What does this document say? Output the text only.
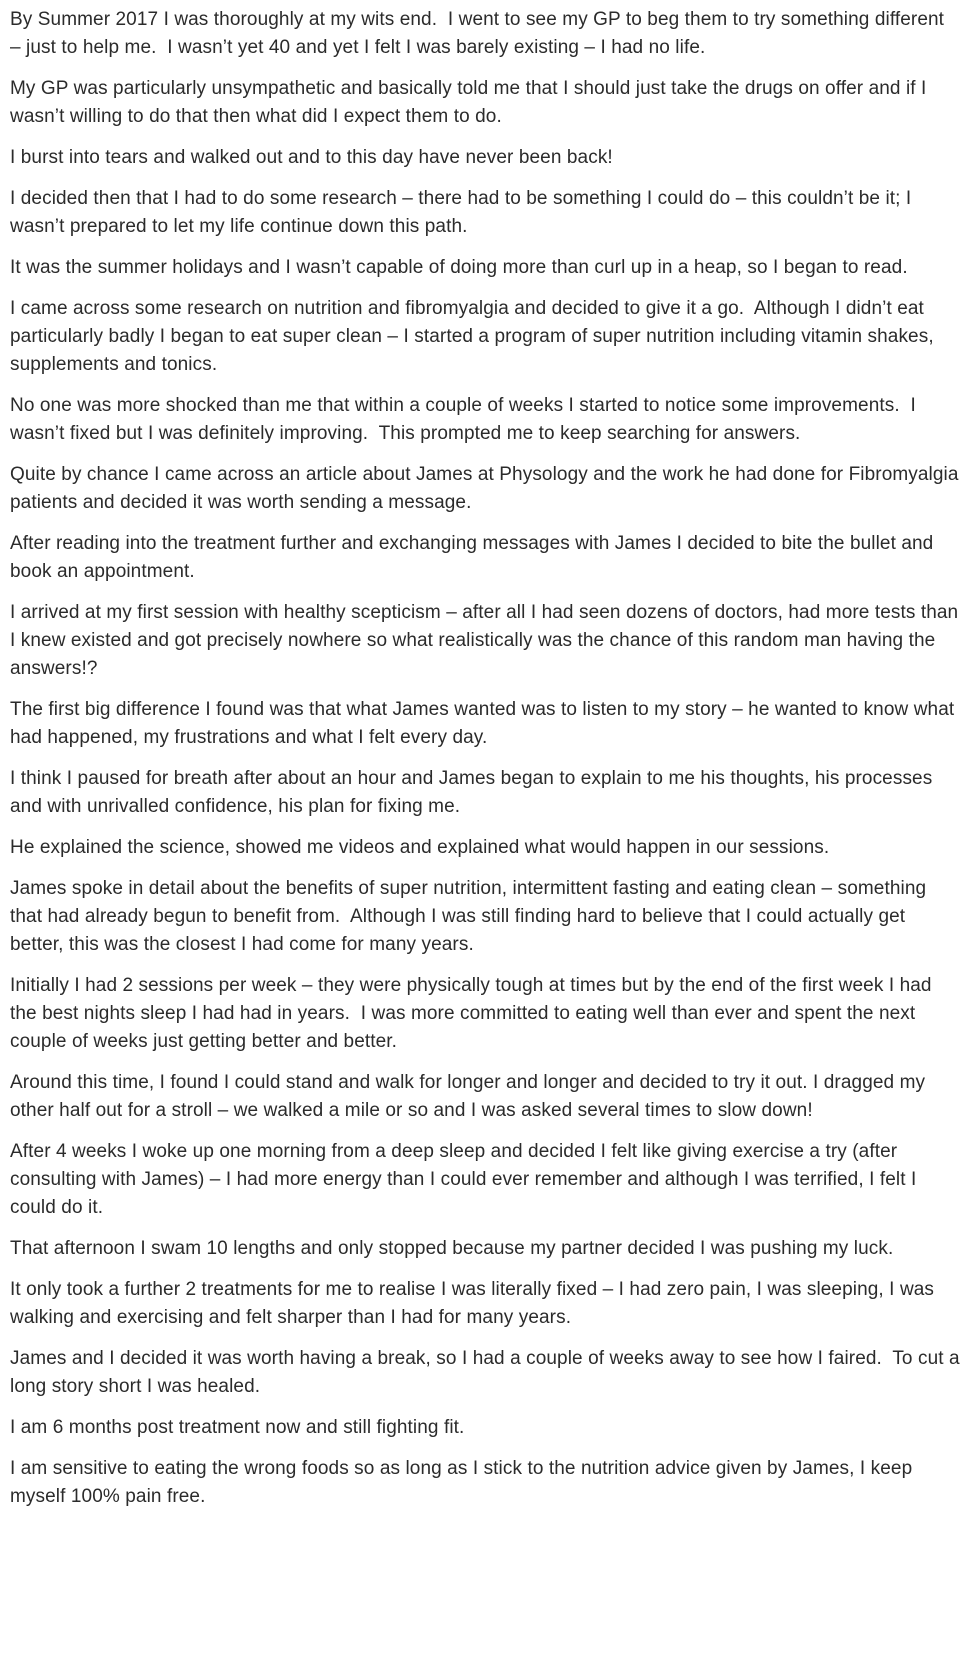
By Summer 2017 I was thoroughly at my wits end.  I went to see my GP to beg them to try something different – just to help me.  I wasn’t yet 40 and yet I felt I was barely existing – I had no life.

My GP was particularly unsympathetic and basically told me that I should just take the drugs on offer and if I wasn’t willing to do that then what did I expect them to do.

I burst into tears and walked out and to this day have never been back!

I decided then that I had to do some research – there had to be something I could do – this couldn’t be it; I wasn’t prepared to let my life continue down this path.

It was the summer holidays and I wasn’t capable of doing more than curl up in a heap, so I began to read.

I came across some research on nutrition and fibromyalgia and decided to give it a go.  Although I didn’t eat particularly badly I began to eat super clean – I started a program of super nutrition including vitamin shakes, supplements and tonics.

No one was more shocked than me that within a couple of weeks I started to notice some improvements.  I wasn’t fixed but I was definitely improving.  This prompted me to keep searching for answers.

Quite by chance I came across an article about James at Physology and the work he had done for Fibromyalgia patients and decided it was worth sending a message.

After reading into the treatment further and exchanging messages with James I decided to bite the bullet and book an appointment.

I arrived at my first session with healthy scepticism – after all I had seen dozens of doctors, had more tests than I knew existed and got precisely nowhere so what realistically was the chance of this random man having the answers!?

The first big difference I found was that what James wanted was to listen to my story – he wanted to know what had happened, my frustrations and what I felt every day.

I think I paused for breath after about an hour and James began to explain to me his thoughts, his processes and with unrivalled confidence, his plan for fixing me.

He explained the science, showed me videos and explained what would happen in our sessions.

James spoke in detail about the benefits of super nutrition, intermittent fasting and eating clean – something that had already begun to benefit from.  Although I was still finding hard to believe that I could actually get better, this was the closest I had come for many years.

Initially I had 2 sessions per week – they were physically tough at times but by the end of the first week I had the best nights sleep I had had in years.  I was more committed to eating well than ever and spent the next couple of weeks just getting better and better.

Around this time, I found I could stand and walk for longer and longer and decided to try it out. I dragged my other half out for a stroll – we walked a mile or so and I was asked several times to slow down!

After 4 weeks I woke up one morning from a deep sleep and decided I felt like giving exercise a try (after consulting with James) – I had more energy than I could ever remember and although I was terrified, I felt I could do it.

That afternoon I swam 10 lengths and only stopped because my partner decided I was pushing my luck.

It only took a further 2 treatments for me to realise I was literally fixed – I had zero pain, I was sleeping, I was walking and exercising and felt sharper than I had for many years.

James and I decided it was worth having a break, so I had a couple of weeks away to see how I faired.  To cut a long story short I was healed.

I am 6 months post treatment now and still fighting fit.

I am sensitive to eating the wrong foods so as long as I stick to the nutrition advice given by James, I keep myself 100% pain free.
